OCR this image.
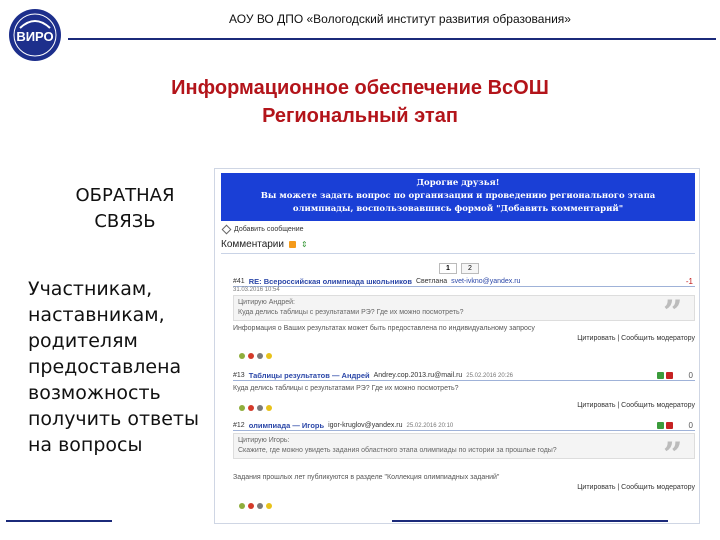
ВИРО
АОУ ВО ДПО «Вологодский институт развития образования»
Информационное обеспечение ВсОШ
Региональный этап
ОБРАТНАЯ
СВЯЗЬ
Участникам,
наставникам,
родителям
предоставлена
возможность
получить ответы
на вопросы
Дорогие друзья!
Вы можете задать вопрос по организации и проведению регионального этапа
олимпиады, воспользовавшись формой "Добавить комментарий"
Добавить сообщение
Комментарии ⇕
1	2
#41 RE: Всероссийская олимпиада школьников Светлана svet-ivkno@yandex.ru	-1
31.03.2016 10:54
Цитирую Андрей:
Куда делись таблицы с результатами РЭ? Где их можно посмотреть?
Информация о Ваших результатах может быть предоставлена по индивидуальному запросу
Цитировать | Сообщить модератору
”
#13 Таблицы результатов — Андрей Andrey.cop.2013.ru@mail.ru 25.02.2016 20:26	0
Куда делись таблицы с результатами РЭ? Где их можно посмотреть?
Цитировать | Сообщить модератору
#12 олимпиада — Игорь igor-kruglov@yandex.ru 25.02.2016 20:10	0
Цитирую Игорь:
Скажите, где можно увидеть задания областного этапа олимпиады по истории за прошлые годы?
Задания прошлых лет публикуются в разделе "Коллекция олимпиадных заданий"
Цитировать | Сообщить модератору
”
